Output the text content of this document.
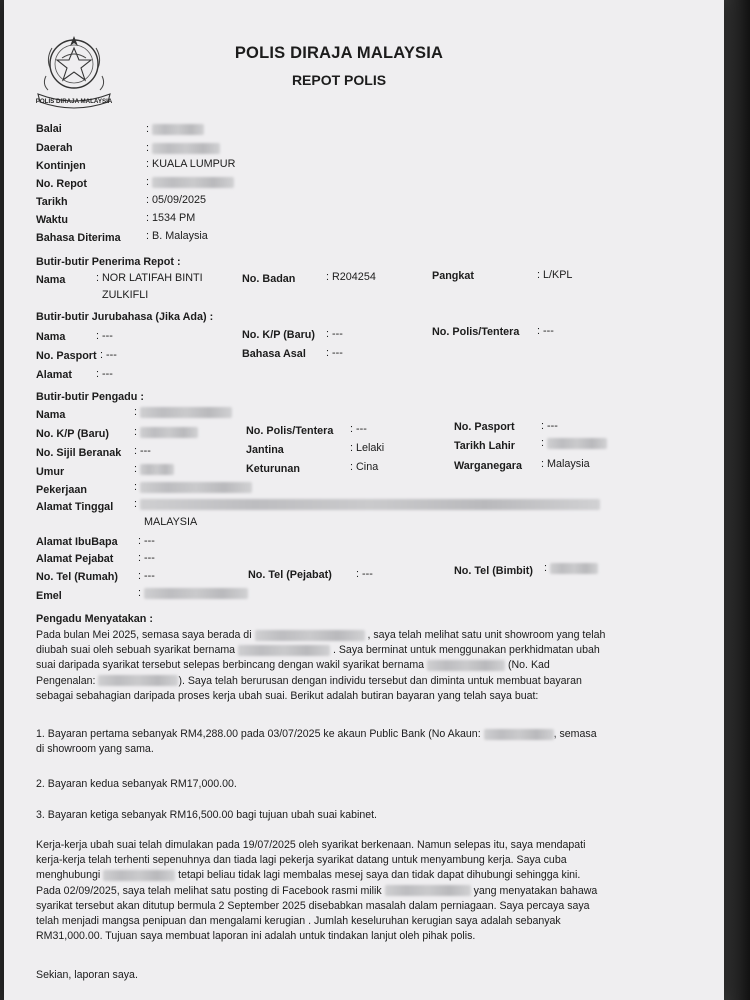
POLIS DIRAJA MALAYSIA
POLIS DIRAJA MALAYSIA
REPOT POLIS
Balai	:
Daerah	:
Kontinjen	: KUALA LUMPUR
No. Repot	:
Tarikh	: 05/09/2025
Waktu	: 1534 PM
Bahasa Diterima : B. Malaysia
Butir-butir Penerima Repot :
Nama	: NOR LATIFAH BINTI
ZULKIFLI
No. Badan	: R204254	Pangkat	: L/KPL
Butir-butir Jurubahasa (Jika Ada) :
Nama	: ---	No. K/P (Baru) : ---	No. Polis/Tentera : ---
No. Pasport : ---	Bahasa Asal : ---
Alamat : ---
Butir-butir Pengadu :
Nama	:
No. K/P (Baru) :	No. Polis/Tentera : ---	No. Pasport : ---
No. Sijil Beranak : ---	Jantina	: Lelaki	Tarikh Lahir :
Umur	:	Keturunan	: Cina	Warganegara : Malaysia
Pekerjaan	:
Alamat Tinggal :
MALAYSIA
Alamat IbuBapa : ---
Alamat Pejabat : ---
No. Tel (Rumah) : ---	No. Tel (Pejabat) : ---	No. Tel (Bimbit) :
Emel	:
Pengadu Menyatakan :
Pada bulan Mei 2025, semasa saya berada di	, saya telah melihat satu unit showroom yang telah
diubah suai oleh sebuah syarikat bernama	. Saya berminat untuk menggunakan perkhidmatan ubah
suai daripada syarikat tersebut selepas berbincang dengan wakil syarikat bernama	(No. Kad
Pengenalan:	). Saya telah berurusan dengan individu tersebut dan diminta untuk membuat bayaran
sebagai sebahagian daripada proses kerja ubah suai. Berikut adalah butiran bayaran yang telah saya buat:
1. Bayaran pertama sebanyak RM4,288.00 pada 03/07/2025 ke akaun Public Bank (No Akaun:	, semasa
di showroom yang sama.
2. Bayaran kedua sebanyak RM17,000.00.
3. Bayaran ketiga sebanyak RM16,500.00 bagi tujuan ubah suai kabinet.
Kerja-kerja ubah suai telah dimulakan pada 19/07/2025 oleh syarikat berkenaan. Namun selepas itu, saya mendapati
kerja-kerja telah terhenti sepenuhnya dan tiada lagi pekerja syarikat datang untuk menyambung kerja. Saya cuba
menghubungi	tetapi beliau tidak lagi membalas mesej saya dan tidak dapat dihubungi sehingga kini.
Pada 02/09/2025, saya telah melihat satu posting di Facebook rasmi milik	yang menyatakan bahawa
syarikat tersebut akan ditutup bermula 2 September 2025 disebabkan masalah dalam perniagaan. Saya percaya saya
telah menjadi mangsa penipuan dan mengalami kerugian . Jumlah keseluruhan kerugian saya adalah sebanyak
RM31,000.00. Tujuan saya membuat laporan ini adalah untuk tindakan lanjut oleh pihak polis.
Sekian, laporan saya.
